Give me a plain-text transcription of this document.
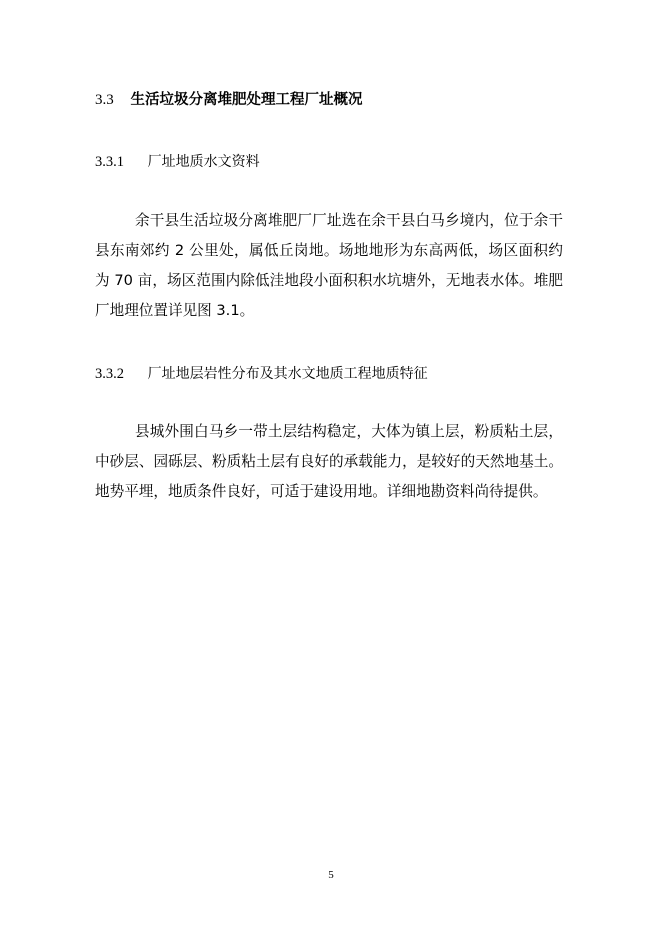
3.3 生活垃圾分离堆肥处理工程厂址概况
3.3.1 厂址地质水文资料

余干县生活垃圾分离堆肥厂厂址选在余干县白马乡境内，位于余干县东南郊约 2 公里处，属低丘岗地。场地地形为东高两低，场区面积约为 70 亩，场区范围内除低洼地段小面积积水坑塘外，无地表水体。堆肥厂地理位置详见图 3.1。

3.3.2 厂址地层岩性分布及其水文地质工程地质特征

县城外围白马乡一带土层结构稳定，大体为镇上层，粉质粘土层，中砂层、园砾层、粉质粘土层有良好的承载能力，是较好的天然地基土。地势平埋，地质条件良好，可适于建设用地。详细地勘资料尚待提供。

5
